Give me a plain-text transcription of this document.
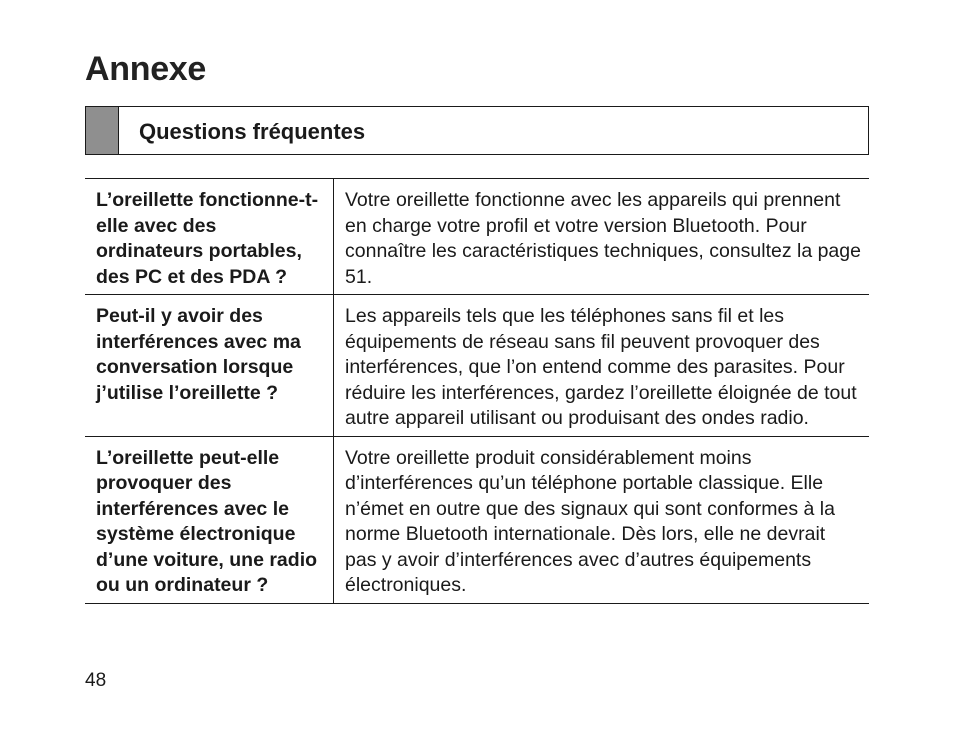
Annexe
Questions fréquentes
L’oreillette fonctionne-t-elle avec des ordinateurs portables, des PC et des PDA ?	Votre oreillette fonctionne avec les appareils qui prennent en charge votre profil et votre version Bluetooth. Pour connaître les caractéristiques techniques, consultez la page 51.
Peut-il y avoir des interférences avec ma conversation lorsque j’utilise l’oreillette ?	Les appareils tels que les téléphones sans fil et les équipements de réseau sans fil peuvent provoquer des interférences, que l’on entend comme des parasites. Pour réduire les interférences, gardez l’oreillette éloignée de tout autre appareil utilisant ou produisant des ondes radio.
L’oreillette peut-elle provoquer des interférences avec le système électronique d’une voiture, une radio ou un ordinateur ?	Votre oreillette produit considérablement moins d’interférences qu’un téléphone portable classique. Elle n’émet en outre que des signaux qui sont conformes à la norme Bluetooth internationale. Dès lors, elle ne devrait pas y avoir d’interférences avec d’autres équipements électroniques.
48
